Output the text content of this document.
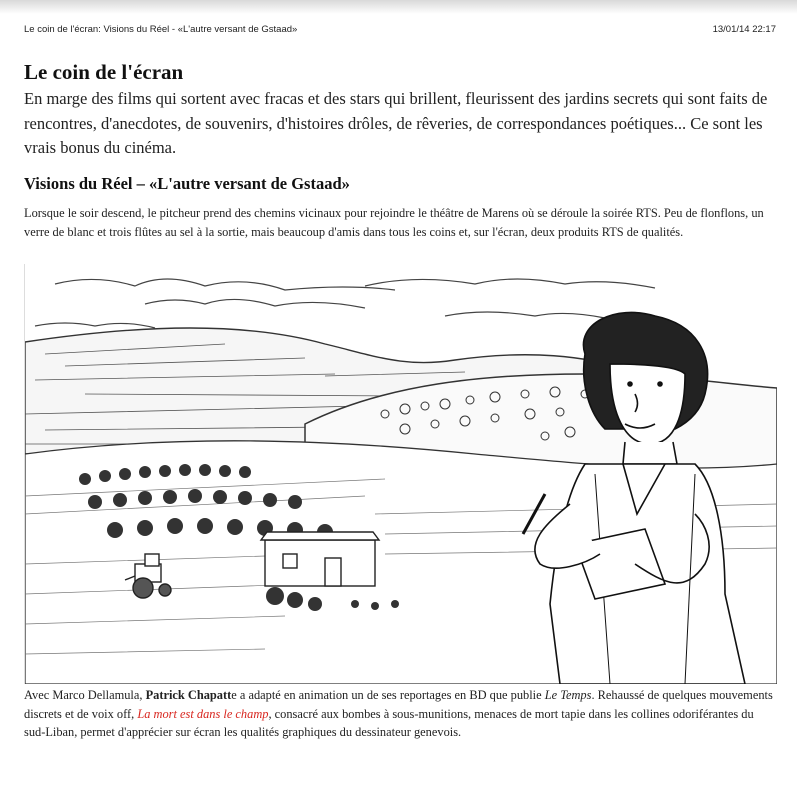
Le coin de l'écran: Visions du Réel - «L'autre versant de Gstaad»	13/01/14 22:17
Le coin de l'écran

En marge des films qui sortent avec fracas et des stars qui brillent, fleurissent des jardins secrets qui sont faits de rencontres, d'anecdotes, de souvenirs, d'histoires drôles, de rêveries, de correspondances poétiques... Ce sont les vrais bonus du cinéma.

Visions du Réel – «L'autre versant de Gstaad»

Lorsque le soir descend, le pitcheur prend des chemins vicinaux pour rejoindre le théâtre de Marens où se déroule la soirée RTS. Peu de flonflons, un verre de blanc et trois flûtes au sel à la sortie, mais beaucoup d'amis dans tous les coins et, sur l'écran, deux produits RTS de qualités.

Avec Marco Dellamula, Patrick Chapatte a adapté en animation un de ses reportages en BD que publie Le Temps. Rehaussé de quelques mouvements discrets et de voix off, La mort est dans le champ, consacré aux bombes à sous-munitions, menaces de mort tapie dans les collines odoriférantes du sud-Liban, permet d'apprécier sur écran les qualités graphiques du dessinateur genevois.
